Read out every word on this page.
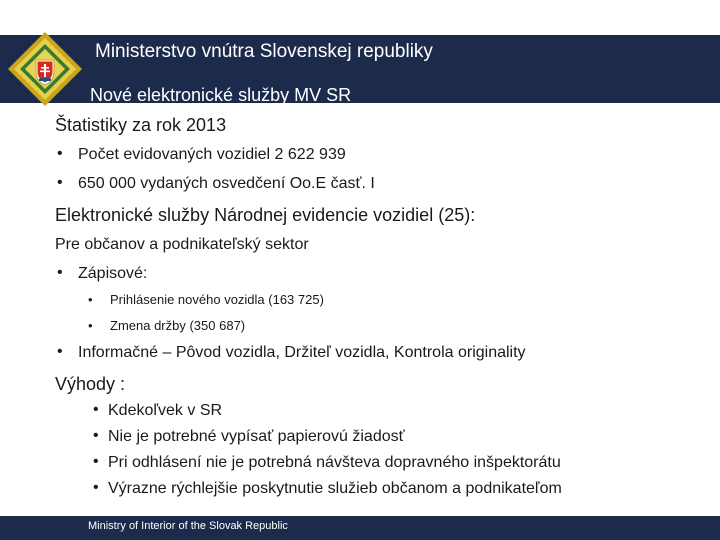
Ministerstvo vnútra Slovenskej republiky
Nové elektronické služby MV SR
Štatistiky za rok 2013
• Počet evidovaných vozidiel 2 622 939
• 650 000 vydaných osvedčení Oo.E časť. I
Elektronické služby Národnej evidencie vozidiel (25):
Pre občanov a podnikateľský sektor
• Zápisové:
• Prihlásenie nového vozidla (163 725)
• Zmena držby (350 687)
• Informačné – Pôvod vozidla, Držiteľ vozidla, Kontrola originality
Výhody :
• Kdekoľvek v SR
• Nie je potrebné vypísať papierovú žiadosť
• Pri odhlásení nie je potrebná návšteva dopravného inšpektorátu
• Výrazne rýchlejšie poskytnutie služieb občanom a podnikateľom
Ministry of Interior of the Slovak Republic
